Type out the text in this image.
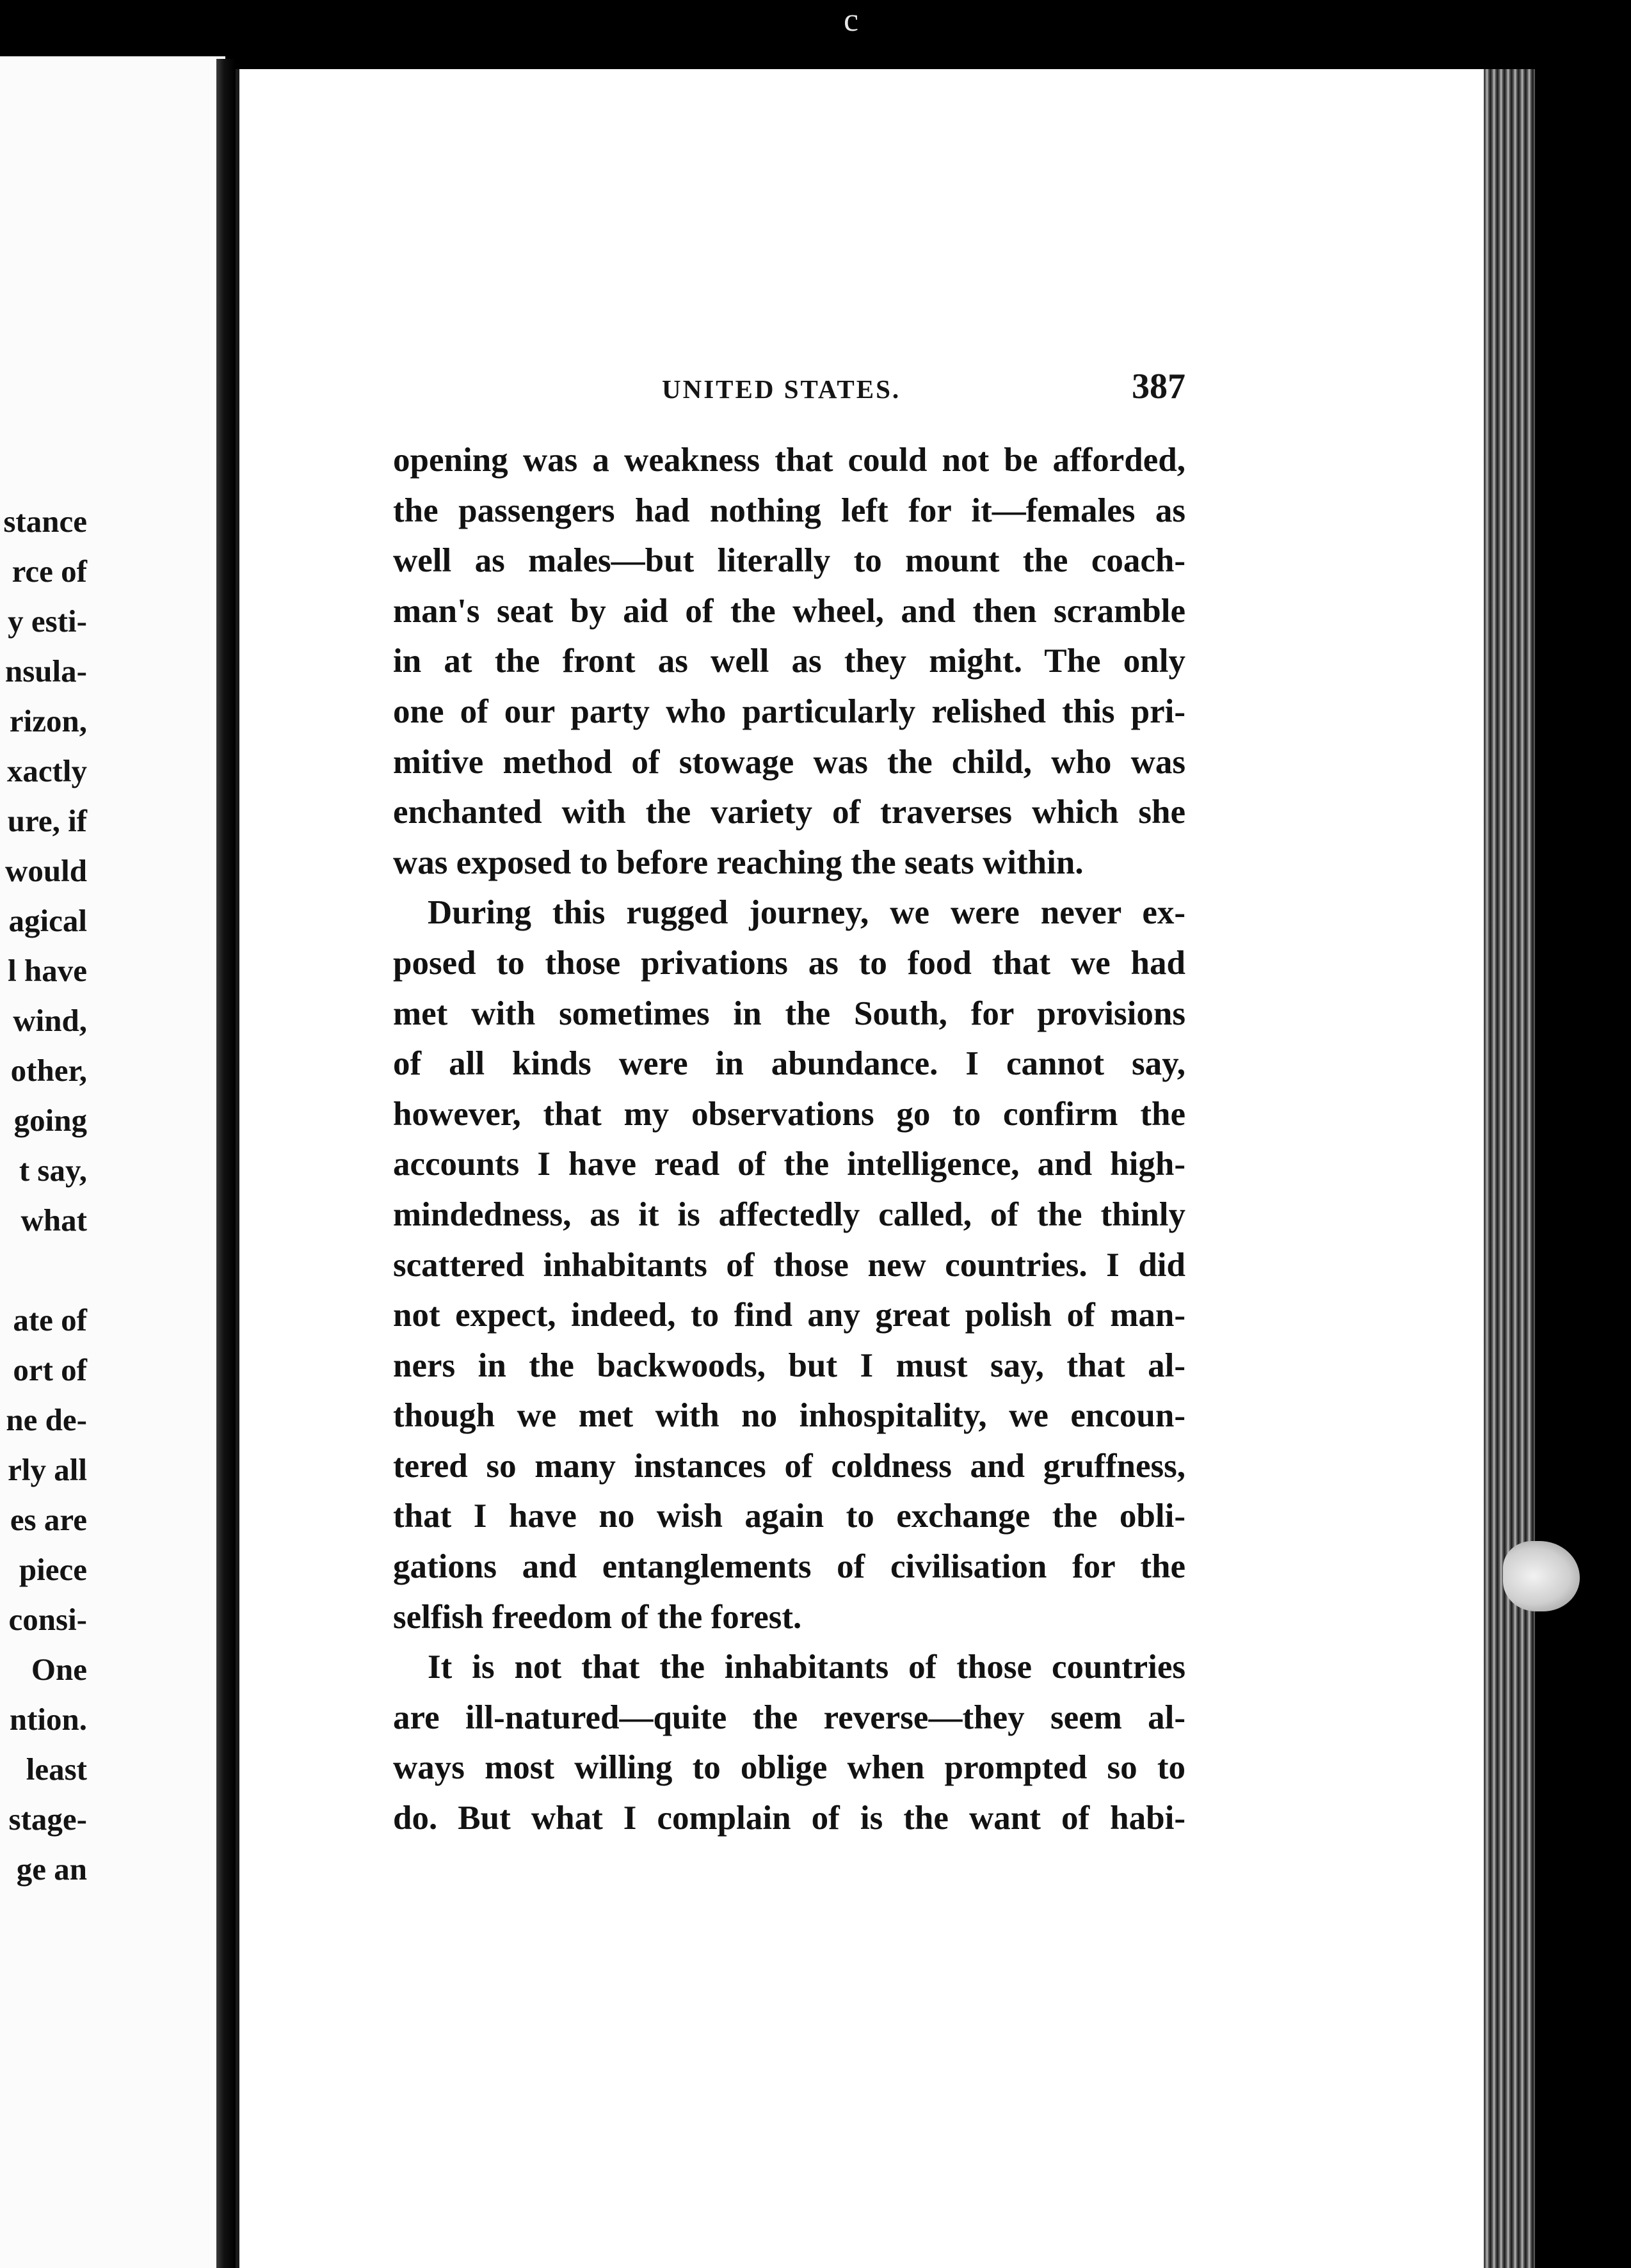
c
stance
rce of
y esti-
nsula-
rizon,
xactly
ure, if
would
agical
l have
wind,
other,
going
t say,
what
ate of
ort of
ne de-
rly all
es are
piece
consi-
One
ntion.
least
stage-
ge an
UNITED STATES.	387
opening was a weakness that could not be afforded,
the passengers had nothing left for it—females as
well as males—but literally to mount the coach-
man's seat by aid of the wheel, and then scramble
in at the front as well as they might. The only
one of our party who particularly relished this pri-
mitive method of stowage was the child, who was
enchanted with the variety of traverses which she
was exposed to before reaching the seats within.
During this rugged journey, we were never ex-
posed to those privations as to food that we had
met with sometimes in the South, for provisions
of all kinds were in abundance. I cannot say,
however, that my observations go to confirm the
accounts I have read of the intelligence, and high-
mindedness, as it is affectedly called, of the thinly
scattered inhabitants of those new countries. I did
not expect, indeed, to find any great polish of man-
ners in the backwoods, but I must say, that al-
though we met with no inhospitality, we encoun-
tered so many instances of coldness and gruffness,
that I have no wish again to exchange the obli-
gations and entanglements of civilisation for the
selfish freedom of the forest.
It is not that the inhabitants of those countries
are ill-natured—quite the reverse—they seem al-
ways most willing to oblige when prompted so to
do. But what I complain of is the want of habi-
